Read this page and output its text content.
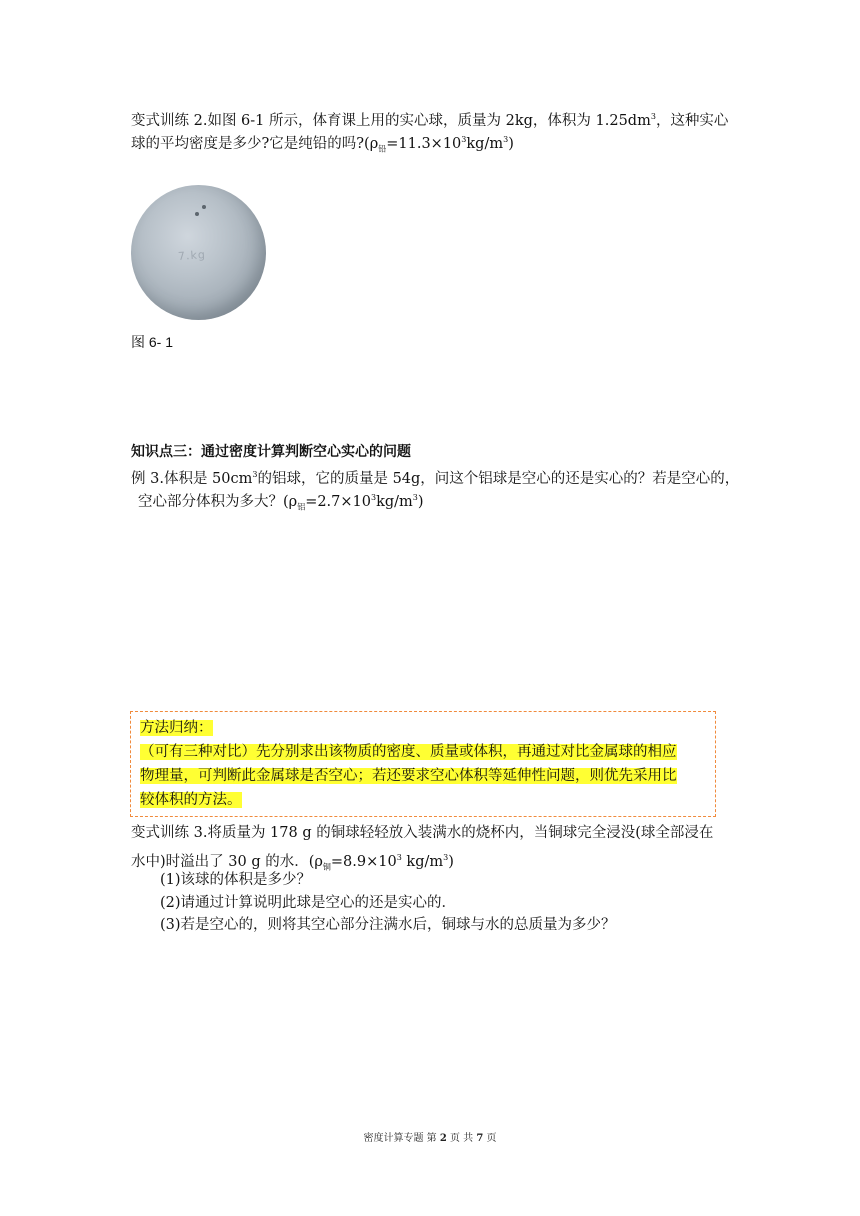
变式训练 2.如图 6-1 所示，体育课上用的实心球，质量为 2kg，体积为 $1.25dm^3$，这种实心
球的平均密度是多少?它是纯铅的吗$?(\rho_铅=11.3\times 10^3kg/m^3)$
7.kg
图 6- 1
知识点三：通过密度计算判断空心实心的问题
例 3.体积是 $50cm^3$的铝球，它的质量是 54g，问这个铝球是空心的还是实心的？若是空心的，
空心部分体积为多大？$(\rho_铝=2.7\times 10^3kg/m^3)$
方法归纳：
（可有三种对比）先分别求出该物质的密度、质量或体积，再通过对比金属球的相应
物理量，可判断此金属球是否空心；若还要求空心体积等延伸性问题，则优先采用比
较体积的方法。
变式训练 3.将质量为 178 g 的铜球轻轻放入装满水的烧杯内，当铜球完全浸没(球全部浸在
水中)时溢出了 30 g 的水．($\rho_铜=8.9\times 10^3$ $kg/m^3$)
(1)该球的体积是多少？
(2)请通过计算说明此球是空心的还是实心的．
(3)若是空心的，则将其空心部分注满水后，铜球与水的总质量为多少？
密度计算专题 第 2 页 共 7 页
